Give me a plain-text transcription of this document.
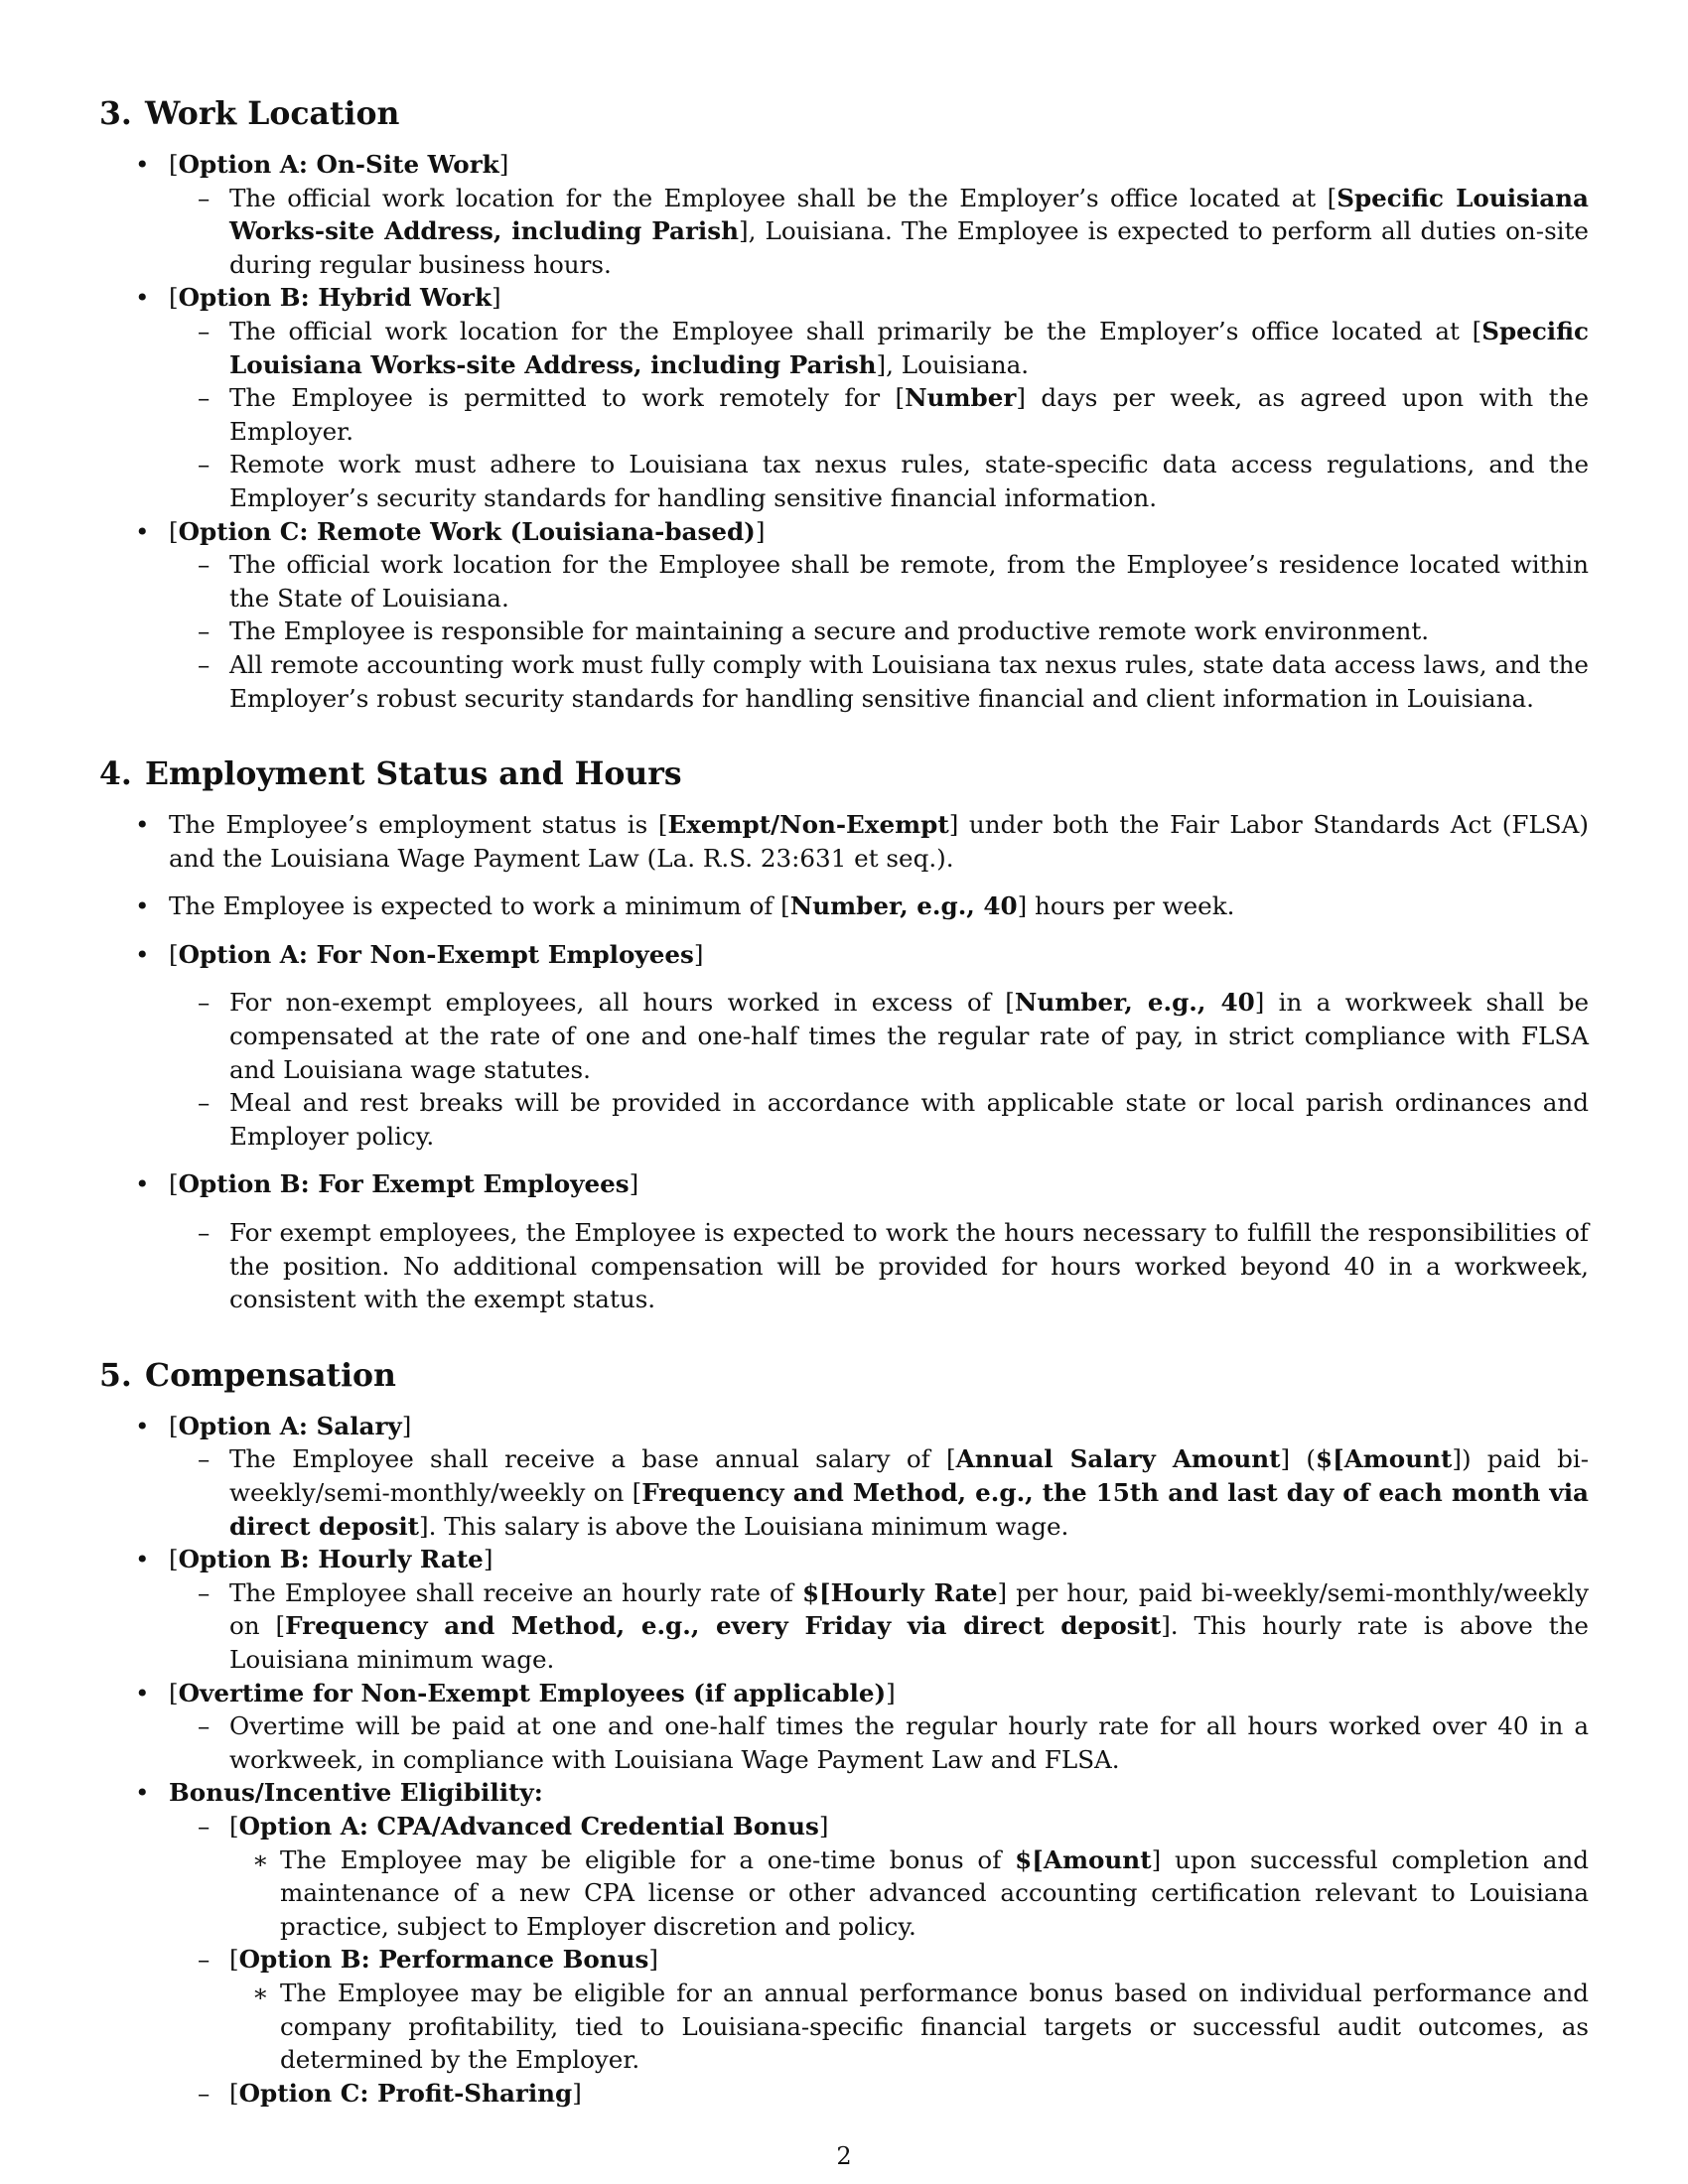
3. Work Location
• [Option A: On-Site Work]
– The official work location for the Employee shall be the Employer’s office located at [Specific Louisiana Works-site Address, including Parish], Louisiana. The Employee is expected to perform all duties on-site during regular business hours.
• [Option B: Hybrid Work]
– The official work location for the Employee shall primarily be the Employer’s office located at [Specific Louisiana Works-site Address, including Parish], Louisiana.
– The Employee is permitted to work remotely for [Number] days per week, as agreed upon with the Employer.
– Remote work must adhere to Louisiana tax nexus rules, state-specific data access regulations, and the Employer’s security standards for handling sensitive financial information.
• [Option C: Remote Work (Louisiana-based)]
– The official work location for the Employee shall be remote, from the Employee’s residence located within the State of Louisiana.
– The Employee is responsible for maintaining a secure and productive remote work environment.
– All remote accounting work must fully comply with Louisiana tax nexus rules, state data access laws, and the Employer’s robust security standards for handling sensitive financial and client information in Louisiana.
4. Employment Status and Hours
• The Employee’s employment status is [Exempt/Non-Exempt] under both the Fair Labor Standards Act (FLSA) and the Louisiana Wage Payment Law (La. R.S. 23:631 et seq.).
• The Employee is expected to work a minimum of [Number, e.g., 40] hours per week.
• [Option A: For Non-Exempt Employees]
– For non-exempt employees, all hours worked in excess of [Number, e.g., 40] in a workweek shall be compensated at the rate of one and one-half times the regular rate of pay, in strict compliance with FLSA and Louisiana wage statutes.
– Meal and rest breaks will be provided in accordance with applicable state or local parish ordinances and Employer policy.
• [Option B: For Exempt Employees]
– For exempt employees, the Employee is expected to work the hours necessary to fulfill the responsibilities of the position. No additional compensation will be provided for hours worked beyond 40 in a workweek, consistent with the exempt status.
5. Compensation
• [Option A: Salary]
– The Employee shall receive a base annual salary of [Annual Salary Amount] ($[Amount]) paid bi-weekly/semi-monthly/weekly on [Frequency and Method, e.g., the 15th and last day of each month via direct deposit]. This salary is above the Louisiana minimum wage.
• [Option B: Hourly Rate]
– The Employee shall receive an hourly rate of $[Hourly Rate] per hour, paid bi-weekly/semi-monthly/weekly on [Frequency and Method, e.g., every Friday via direct deposit]. This hourly rate is above the Louisiana minimum wage.
• [Overtime for Non-Exempt Employees (if applicable)]
– Overtime will be paid at one and one-half times the regular hourly rate for all hours worked over 40 in a workweek, in compliance with Louisiana Wage Payment Law and FLSA.
• Bonus/Incentive Eligibility:
– [Option A: CPA/Advanced Credential Bonus]
∗ The Employee may be eligible for a one-time bonus of $[Amount] upon successful completion and maintenance of a new CPA license or other advanced accounting certification relevant to Louisiana practice, subject to Employer discretion and policy.
– [Option B: Performance Bonus]
∗ The Employee may be eligible for an annual performance bonus based on individual performance and company profitability, tied to Louisiana-specific financial targets or successful audit outcomes, as determined by the Employer.
– [Option C: Profit-Sharing]
2
